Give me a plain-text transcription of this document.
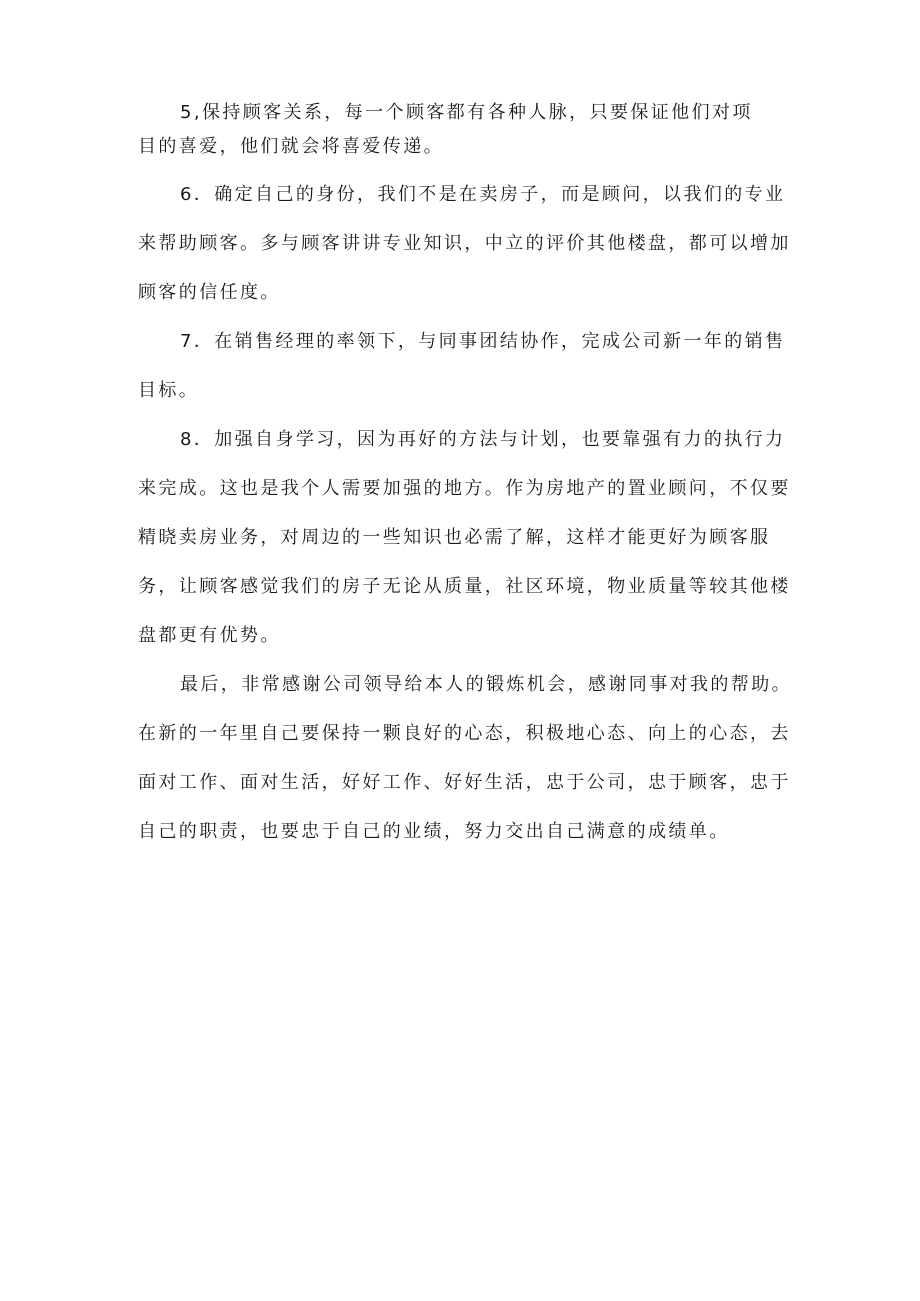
5,保持顾客关系，每一个顾客都有各种人脉，只要保证他们对项
目的喜爱，他们就会将喜爱传递。

6．确定自己的身份，我们不是在卖房子，而是顾问，以我们的专业来帮助顾客。多与顾客讲讲专业知识，中立的评价其他楼盘，都可以增加顾客的信任度。

7．在销售经理的率领下，与同事团结协作，完成公司新一年的销售目标。

8．加强自身学习，因为再好的方法与计划，也要靠强有力的执行力来完成。这也是我个人需要加强的地方。作为房地产的置业顾问，不仅要精晓卖房业务，对周边的一些知识也必需了解，这样才能更好为顾客服务，让顾客感觉我们的房子无论从质量，社区环境，物业质量等较其他楼盘都更有优势。

最后，非常感谢公司领导给本人的锻炼机会，感谢同事对我的帮助。在新的一年里自己要保持一颗良好的心态，积极地心态、向上的心态，去面对工作、面对生活，好好工作、好好生活，忠于公司，忠于顾客，忠于自己的职责，也要忠于自己的业绩，努力交出自己满意的成绩单。
